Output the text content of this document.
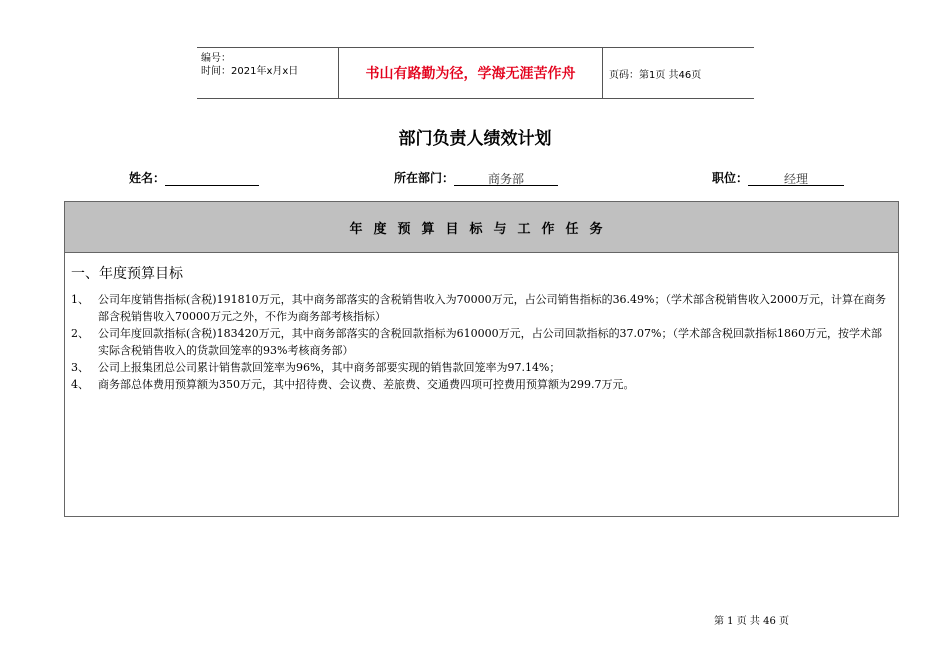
编号：
时间：2021年x月x日	书山有路勤为径，学海无涯苦作舟	页码：第1页 共46页
部门负责人绩效计划
姓名：	所在部门：	商务部	职位：	经理
年度预算目标与工作任务
一、年度预算目标
1、 公司年度销售指标(含税)191810万元，其中商务部落实的含税销售收入为70000万元，占公司销售指标的36.49%；（学术部含税销售收入2000万元，计算在商务部含税销售收入70000万元之外，不作为商务部考核指标）
2、 公司年度回款指标(含税)183420万元，其中商务部落实的含税回款指标为610000万元，占公司回款指标的37.07%；（学术部含税回款指标1860万元，按学术部实际含税销售收入的货款回笼率的93%考核商务部）
3、 公司上报集团总公司累计销售款回笼率为96%，其中商务部要实现的销售款回笼率为97.14%；
4、 商务部总体费用预算额为350万元，其中招待费、会议费、差旅费、交通费四项可控费用预算额为299.7万元。
第 1 页 共 46 页
